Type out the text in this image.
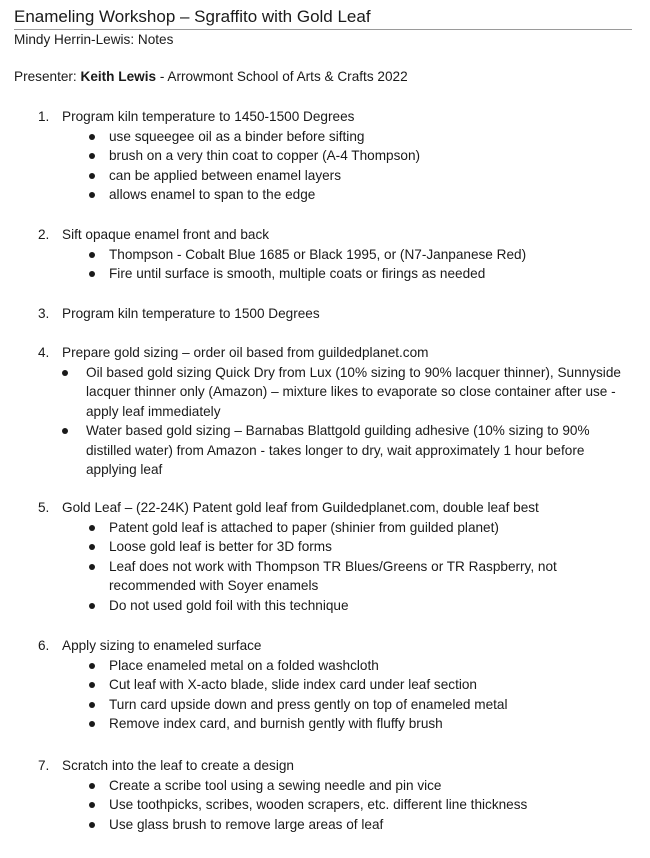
Enameling Workshop – Sgraffito with Gold Leaf
Mindy Herrin-Lewis: Notes
Presenter: Keith Lewis - Arrowmont School of Arts & Crafts 2022
1. Program kiln temperature to 1450-1500 Degrees
use squeegee oil as a binder before sifting
brush on a very thin coat to copper (A-4 Thompson)
can be applied between enamel layers
allows enamel to span to the edge
2. Sift opaque enamel front and back
Thompson - Cobalt Blue 1685 or Black 1995, or (N7-Janpanese Red)
Fire until surface is smooth, multiple coats or firings as needed
3. Program kiln temperature to 1500 Degrees
4. Prepare gold sizing – order oil based from guildedplanet.com
Oil based gold sizing Quick Dry from Lux (10% sizing to 90% lacquer thinner), Sunnyside lacquer thinner only (Amazon) – mixture likes to evaporate so close container after use - apply leaf immediately
Water based gold sizing – Barnabas Blattgold guilding adhesive (10% sizing to 90% distilled water) from Amazon - takes longer to dry, wait approximately 1 hour before applying leaf
5. Gold Leaf – (22-24K) Patent gold leaf from Guildedplanet.com, double leaf best
Patent gold leaf is attached to paper (shinier from guilded planet)
Loose gold leaf is better for 3D forms
Leaf does not work with Thompson TR Blues/Greens or TR Raspberry, not recommended with Soyer enamels
Do not used gold foil with this technique
6. Apply sizing to enameled surface
Place enameled metal on a folded washcloth
Cut leaf with X-acto blade, slide index card under leaf section
Turn card upside down and press gently on top of enameled metal
Remove index card, and burnish gently with fluffy brush
7. Scratch into the leaf to create a design
Create a scribe tool using a sewing needle and pin vice
Use toothpicks, scribes, wooden scrapers, etc. different line thickness
Use glass brush to remove large areas of leaf
